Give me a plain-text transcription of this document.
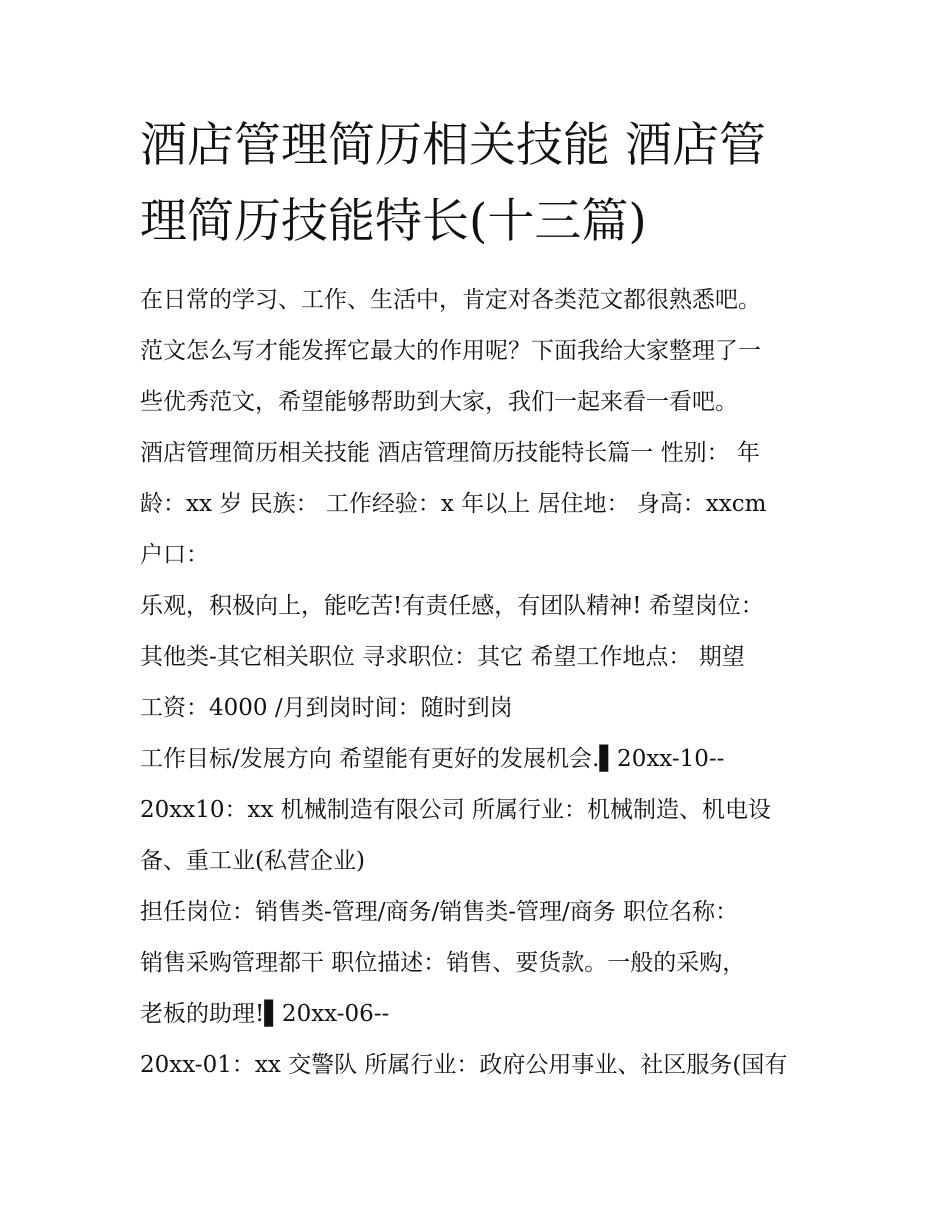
酒店管理简历相关技能 酒店管
理简历技能特长(十三篇)
在日常的学习、工作、生活中，肯定对各类范文都很熟悉吧。
范文怎么写才能发挥它最大的作用呢？下面我给大家整理了一
些优秀范文，希望能够帮助到大家，我们一起来看一看吧。
酒店管理简历相关技能 酒店管理简历技能特长篇一 性别： 年
龄：xx 岁 民族： 工作经验：x 年以上 居住地： 身高：xxcm
户口：
乐观，积极向上，能吃苦!有责任感，有团队精神! 希望岗位：
其他类-其它相关职位 寻求职位：其它 希望工作地点： 期望
工资：4000 /月到岗时间：随时到岗
工作目标/发展方向 希望能有更好的发展机会.▌20xx-10--
20xx10：xx 机械制造有限公司 所属行业：机械制造、机电设
备、重工业(私营企业)
担任岗位：销售类-管理/商务/销售类-管理/商务 职位名称：
销售采购管理都干 职位描述：销售、要货款。一般的采购，
老板的助理!▌20xx-06--
20xx-01：xx 交警队 所属行业：政府公用事业、社区服务(国有
